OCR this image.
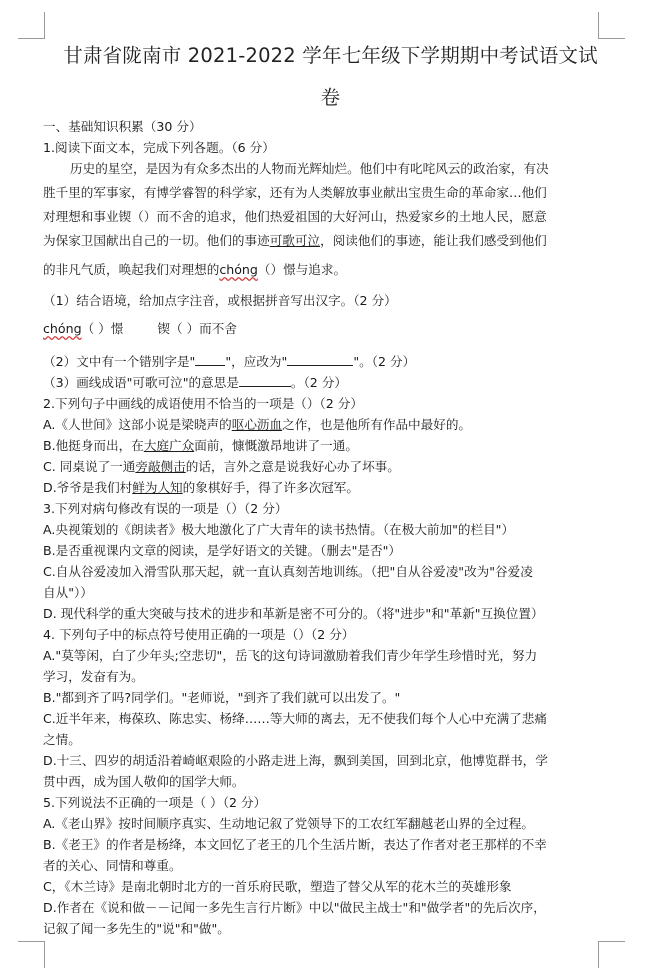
甘肃省陇南市 2021-2022 学年七年级下学期期中考试语文试
卷
一、基础知识积累（30 分）
1.阅读下面文本，完成下列各题。（6 分）
历史的星空，是因为有众多杰出的人物而光辉灿烂。他们中有叱咤风云的政治家，有决
胜千里的军事家，有博学睿智的科学家，还有为人类解放事业献出宝贵生命的革命家…他们
对理想和事业锲（）而不舍的追求，他们热爱祖国的大好河山，热爱家乡的土地人民，愿意
为保家卫国献出自己的一切。他们的事迹可歌可泣，阅读他们的事迹，能让我们感受到他们
的非凡气质，唤起我们对理想的chóng（）憬与追求。
（1）结合语境，给加点字注音，或根据拼音写出汉字。（2 分）
chóng（ ）憬	锲（ ）而不舍
（2）文中有一个错别字是" "，应改为"	"。（2 分）
（3）画线成语"可歌可泣"的意思是	。（2 分）
2.下列句子中画线的成语使用不恰当的一项是（）（2 分）
A.《人世间》这部小说是梁晓声的呕心沥血之作，也是他所有作品中最好的。
B.他挺身而出，在大庭广众面前，慷慨激昂地讲了一通。
C. 同桌说了一通旁敲侧击的话，言外之意是说我好心办了坏事。
D.爷爷是我们村鲜为人知的象棋好手，得了许多次冠军。
3.下列对病句修改有误的一项是（）（2 分）
A.央视策划的《朗读者》极大地激化了广大青年的读书热情。（在极大前加"的栏目"）
B.是否重视课内文章的阅读，是学好语文的关键。（删去"是否"）
C.自从谷爱凌加入滑雪队那天起，就一直认真刻苦地训练。（把"自从谷爱凌"改为"谷爱凌
自从"））
D. 现代科学的重大突破与技术的进步和革新是密不可分的。（将"进步"和"革新"互换位置）
4. 下列句子中的标点符号使用正确的一项是（）（2 分）
A."莫等闲，白了少年头;空悲切"，岳飞的这句诗词激励着我们青少年学生珍惜时光，努力
学习，发奋有为。
B."都到齐了吗?同学们。"老师说，"到齐了我们就可以出发了。"
C.近半年来，梅葆玖、陈忠实、杨绛……等大师的离去，无不使我们每个人心中充满了悲痛
之情。
D.十三、四岁的胡适沿着崎岖艰险的小路走进上海，飘到美国，回到北京，他博览群书，学
贯中西，成为国人敬仰的国学大师。
5.下列说法不正确的一项是（ ）（2 分）
A.《老山界》按时间顺序真实、生动地记叙了党领导下的工农红军翻越老山界的全过程。
B.《老王》的作者是杨绛，本文回忆了老王的几个生活片断，表达了作者对老王那样的不幸
者的关心、同情和尊重。
C，《木兰诗》是南北朝时北方的一首乐府民歌，塑造了替父从军的花木兰的英雄形象
D.作者在《说和做－－记闻一多先生言行片断》中以"做民主战士"和"做学者"的先后次序，
记叙了闻一多先生的"说"和"做"。
